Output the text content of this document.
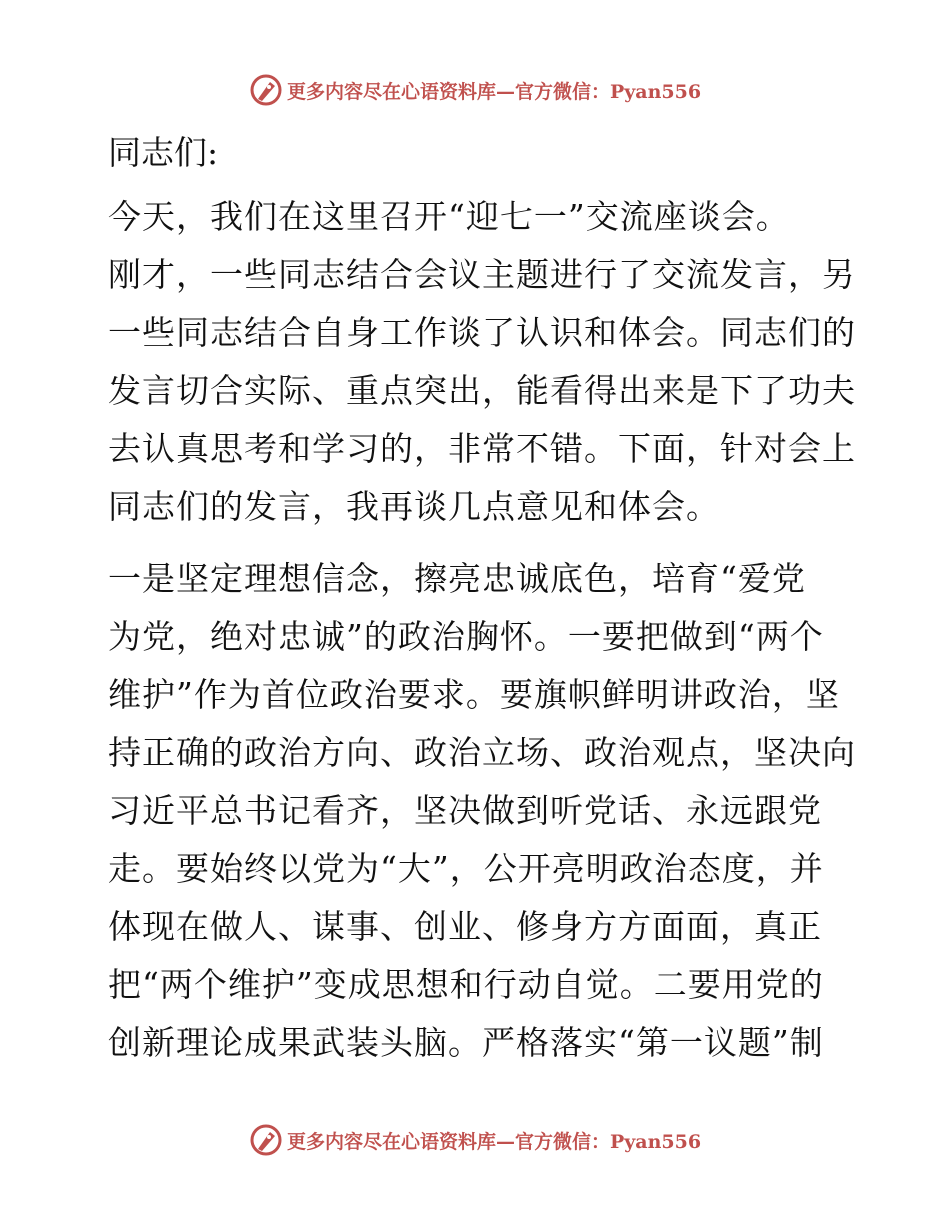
更多内容尽在心语资料库—官方微信：Pyan556
同志们:
今天，我们在这里召开“迎七一”交流座谈会。
刚才，一些同志结合会议主题进行了交流发言，另
一些同志结合自身工作谈了认识和体会。同志们的
发言切合实际、重点突出，能看得出来是下了功夫
去认真思考和学习的，非常不错。下面，针对会上
同志们的发言，我再谈几点意见和体会。
一是坚定理想信念，擦亮忠诚底色，培育“爱党
为党，绝对忠诚”的政治胸怀。一要把做到“两个
维护”作为首位政治要求。要旗帜鲜明讲政治，坚
持正确的政治方向、政治立场、政治观点，坚决向
习近平总书记看齐，坚决做到听党话、永远跟党
走。要始终以党为“大”，公开亮明政治态度，并
体现在做人、谋事、创业、修身方方面面，真正
把“两个维护”变成思想和行动自觉。二要用党的
创新理论成果武装头脑。严格落实“第一议题”制
更多内容尽在心语资料库—官方微信：Pyan556
